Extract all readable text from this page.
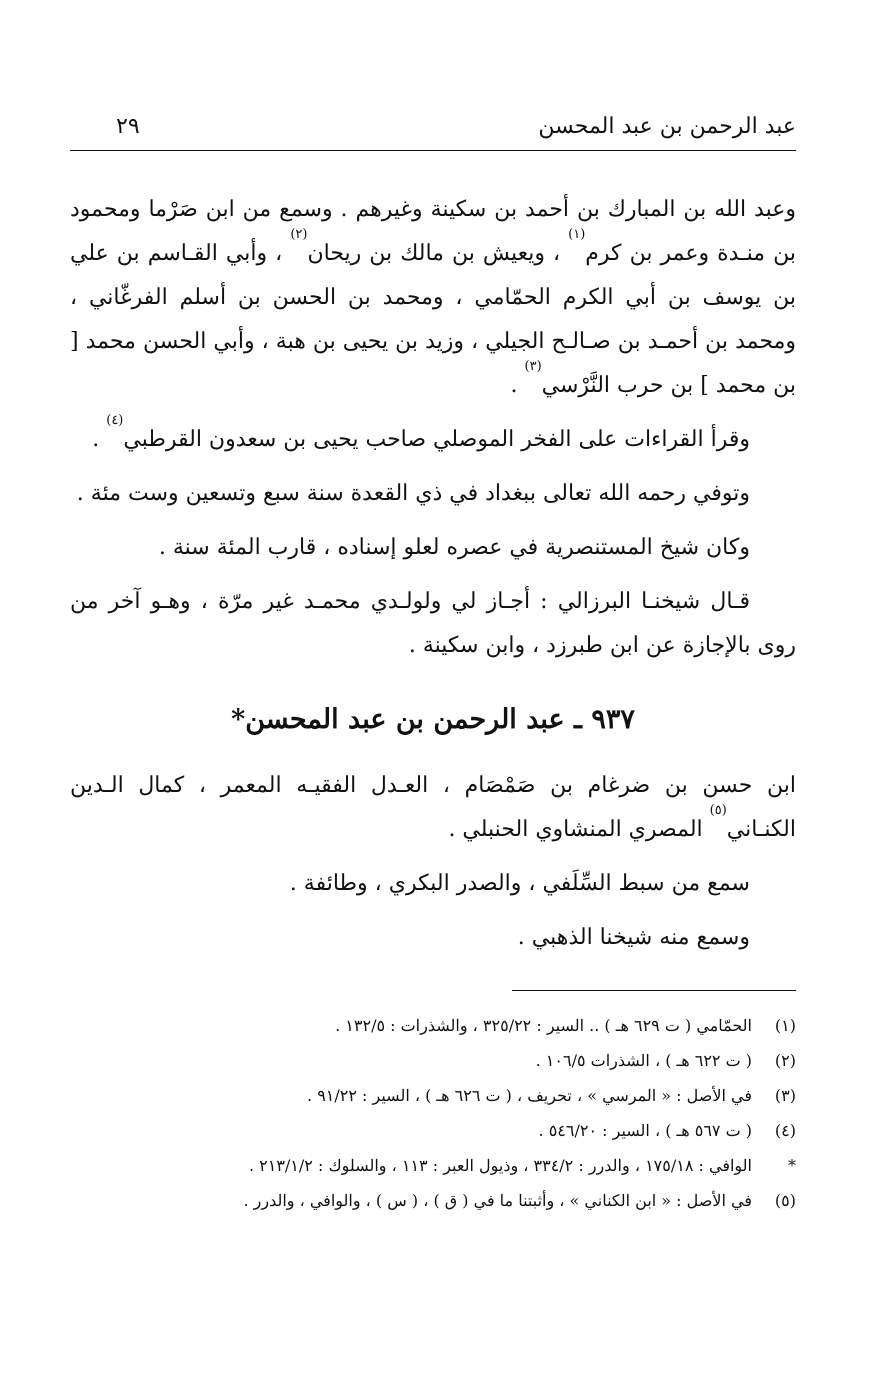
عبد الرحمن بن عبد المحسن
٢٩

وعبد الله بن المبارك بن أحمد بن سكينة وغيرهم . وسمع من ابن صَرْما ومحمود بن منـدة وعمر بن كرم$^{(١)}$ ، ويعيش بن مالك بن ريحان$^{(٢)}$ ، وأبي القـاسم بن علي بن يوسف بن أبي الكرم الحمّامي ، ومحمد بن الحسن بن أسلم الفرغّاني ، ومحمد بن أحمـد بن صـالـح الجيلي ، وزيد بن يحيى بن هبة ، وأبي الحسن محمد [ بن محمد ] بن حرب النَّرْسي$^{(٣)}$ .

وقرأ القراءات على الفخر الموصلي صاحب يحيى بن سعدون القرطبي$^{(٤)}$ .

وتوفي رحمه الله تعالى ببغداد في ذي القعدة سنة سبع وتسعين وست مئة .

وكان شيخ المستنصرية في عصره لعلو إسناده ، قارب المئة سنة .

قـال شيخنـا البرزالي : أجـاز لي ولولـدي محمـد غير مرّة ، وهـو آخر من روى بالإجازة عن ابن طبرزد ، وابن سكينة .

٩٣٧ ـ عبد الرحمن بن عبد المحسن*

ابن حسن بن ضرغام بن صَمْصَام ، العـدل الفقيـه المعمر ، كمال الـدين الكنـاني$^{(٥)}$ المصري المنشاوي الحنبلي .

سمع من سبط السِّلَفي ، والصدر البكري ، وطائفة .

وسمع منه شيخنا الذهبي .

(١)
الحمّامي ( ت ٦٢٩ هـ ) .. السير : ٣٢٥/٢٢ ، والشذرات : ١٣٢/٥ .
(٢)
( ت ٦٢٢ هـ ) ، الشذرات ١٠٦/٥ .
(٣)
في الأصل : « المرسي » ، تحريف ، ( ت ٦٢٦ هـ ) ، السير : ٩١/٢٢ .
(٤)
( ت ٥٦٧ هـ ) ، السير : ٥٤٦/٢٠ .
*
الوافي : ١٧٥/١٨ ، والدرر : ٣٣٤/٢ ، وذيول العبر : ١١٣ ، والسلوك : ٢١٣/١/٢ .
(٥)
في الأصل : « ابن الكناني » ، وأثبتنا ما في ( ق ) ، ( س ) ، والوافي ، والدرر .
